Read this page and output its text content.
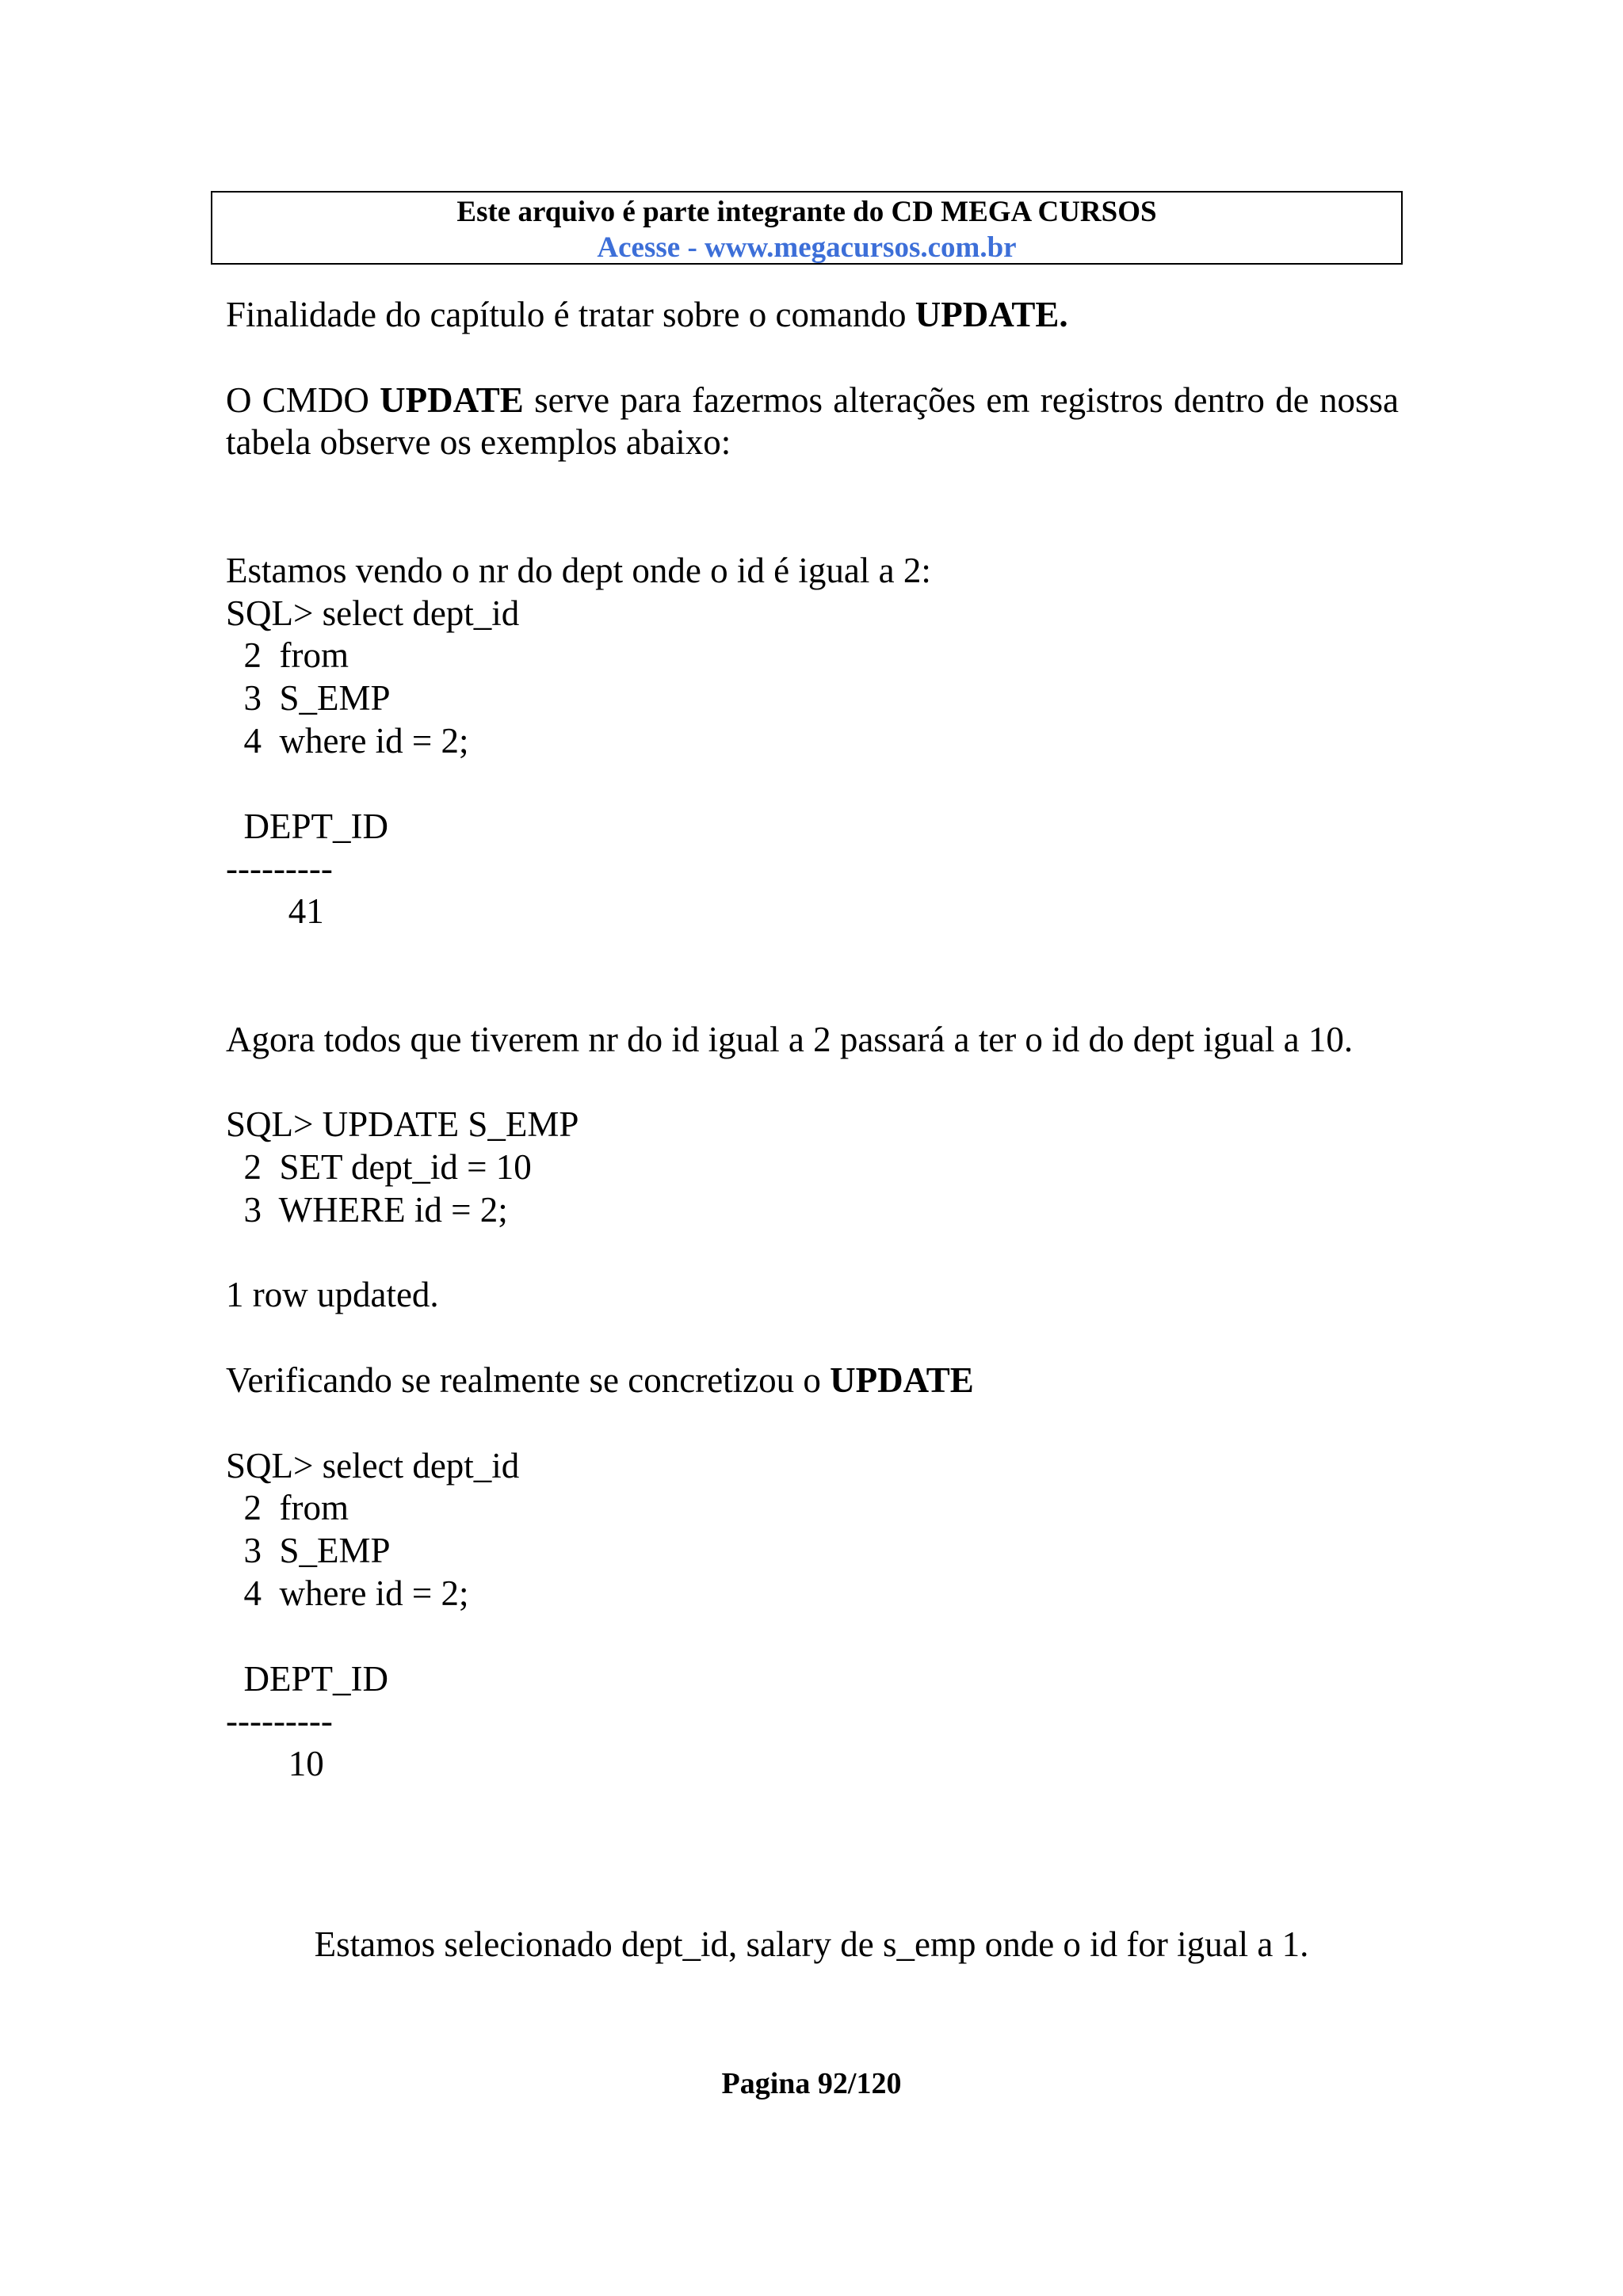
Este arquivo é parte integrante do CD MEGA CURSOS
Acesse - www.megacursos.com.br

Finalidade do capítulo é tratar sobre o comando UPDATE.

O CMDO UPDATE serve para fazermos alterações em registros dentro de nossa tabela observe os exemplos abaixo:

Estamos vendo o nr do dept onde o id é igual a 2:

SQL> select dept_id

2  from

3  S_EMP

4  where id = 2;

DEPT_ID

---------

41

Agora todos que tiverem nr do id igual a 2 passará a ter o id do dept igual a 10.

SQL> UPDATE S_EMP

2  SET dept_id = 10

3  WHERE id = 2;

1 row updated.

Verificando se realmente se concretizou o UPDATE

SQL> select dept_id

2  from

3  S_EMP

4  where id = 2;

DEPT_ID

---------

10

Estamos selecionado dept_id, salary de s_emp onde o id for igual a 1.
Pagina 92/120
